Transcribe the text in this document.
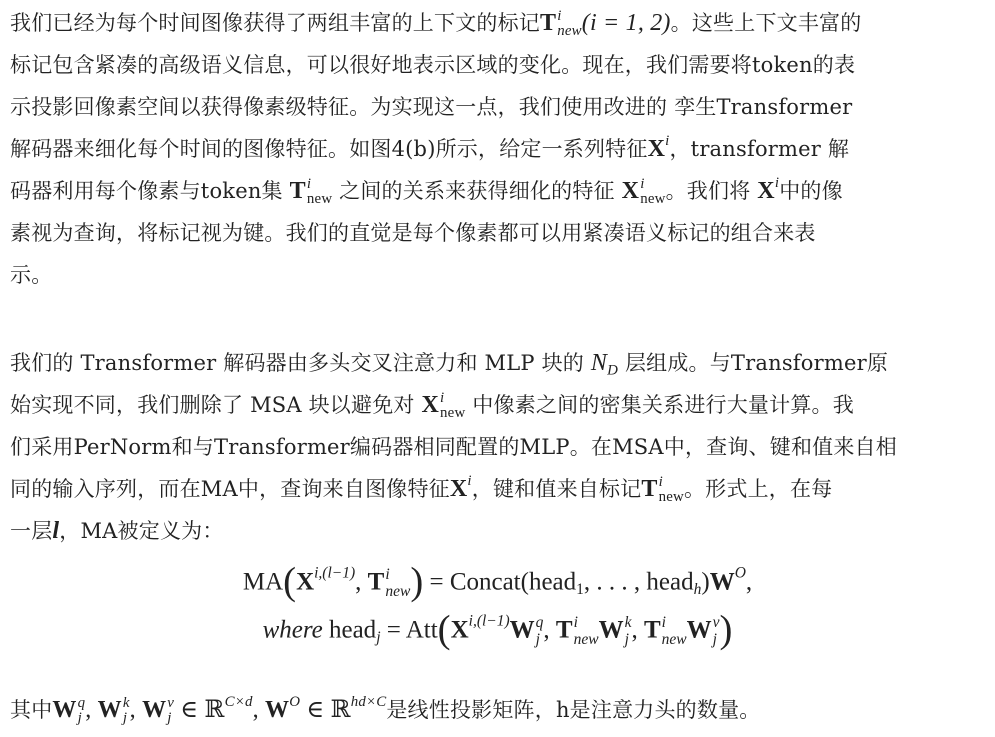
我们已经为每个时间图像获得了两组丰富的上下文的标记T i
new (i = 1, 2)。这些上下文丰富的
标记包含紧凑的高级语义信息，可以很好地表示区域的变化。现在，我们需要将token的表
示投影回像素空间以获得像素级特征。为实现这一点，我们使用改进的 孪生Transformer
解码器来细化每个时间的图像特征。如图4(b)所示，给定一系列特征$X^i$，transformer 解
码器利用每个像素与token集 T i
new 之间的关系来获得细化的特征 X i
new 。我们将 $X^i$中的像
素视为查询，将标记视为键。我们的直觉是每个像素都可以用紧凑语义标记的组合来表
示。
我们的 Transformer 解码器由多头交叉注意力和 MLP 块的 $N_D$ 层组成。与Transformer原
始实现不同，我们删除了 MSA 块以避免对 X i
new 中像素之间的密集关系进行大量计算。我
们采用PerNorm和与Transformer编码器相同配置的MLP。在MSA中，查询、键和值来自相
同的输入序列，而在MA中，查询来自图像特征$X^i$，键和值来自标记T i
new 。形式上，在每
一层l，MA被定义为：
$MA(X^{i,(l-1)}$, T i
new ) = Concat(head$_1$, . . . , $head_h)W^O$,
where head$_j$ = $Att(X^{i,(l-1)}W$ q
j , T i
new W k
j , T i
new W v
j )
其中W q
j , W k
j , W v
j ∈ ℝ$^{C\times d}$, $W^O$ ∈ ℝ$^{hd\times C}$是线性投影矩阵，h是注意力头的数量。
